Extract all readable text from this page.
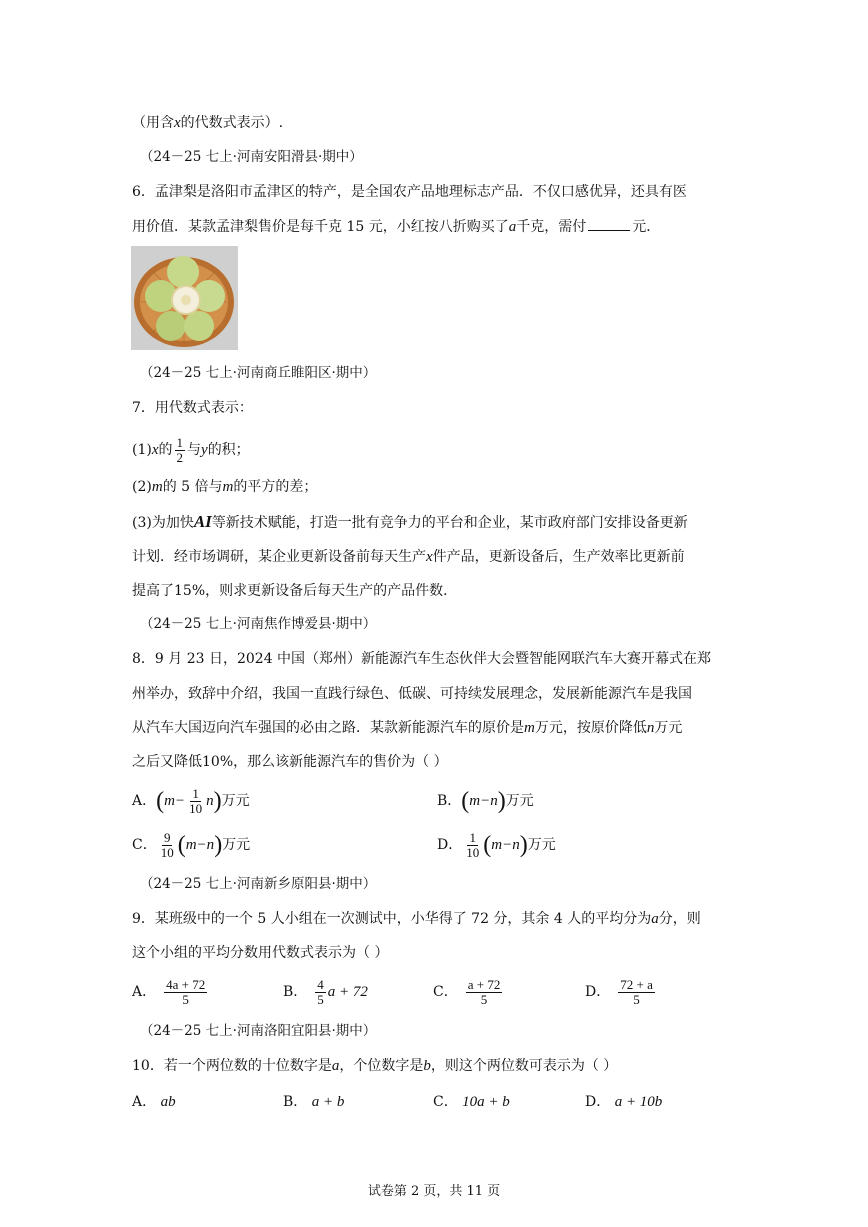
（用含x的代数式表示）.
（24－25 七上·河南安阳滑县·期中）
6．孟津梨是洛阳市孟津区的特产，是全国农产品地理标志产品．不仅口感优异，还具有医
用价值．某款孟津梨售价是每千克 15 元，小红按八折购买了a千克，需付	元．
（24－25 七上·河南商丘睢阳区·期中）
7．用代数式表示：
(1)x的 $\frac{1}{2}$ 与y的积；
(2)m的 5 倍与m的平方的差；
(3)为加快AI等新技术赋能，打造一批有竞争力的平台和企业，某市政府部门安排设备更新
计划．经市场调研，某企业更新设备前每天生产x件产品，更新设备后，生产效率比更新前
提高了15%，则求更新设备后每天生产的产品件数．
（24－25 七上·河南焦作博爱县·期中）
8．9 月 23 日，2024 中国（郑州）新能源汽车生态伙伴大会暨智能网联汽车大赛开幕式在郑
州举办，致辞中介绍，我国一直践行绿色、低碳、可持续发展理念，发展新能源汽车是我国
从汽车大国迈向汽车强国的必由之路．某款新能源汽车的原价是m万元，按原价降低n万元
之后又降低10%，那么该新能源汽车的售价为（ ）
A．$(m- \frac{1}{10} n)$万元	B．(m−n)万元
C． $\frac{9}{10} (m-n)$万元	D． $\frac{1}{10} (m-n)$万元
（24－25 七上·河南新乡原阳县·期中）
9．某班级中的一个 5 人小组在一次测试中，小华得了 72 分，其余 4 人的平均分为a分，则
这个小组的平均分数用代数式表示为（ ）
A． $\frac{4a + 72}{5}$	B． $\frac{4}{5}$ a + 72	C． $\frac{a + 72}{5}$	D． $\frac{72 + a}{5}$
（24－25 七上·河南洛阳宜阳县·期中）
10．若一个两位数的十位数字是a，个位数字是b，则这个两位数可表示为（ ）
A． ab	B． a + b	C． 10a + b	D． a + 10b
试卷第 2 页，共 11 页
